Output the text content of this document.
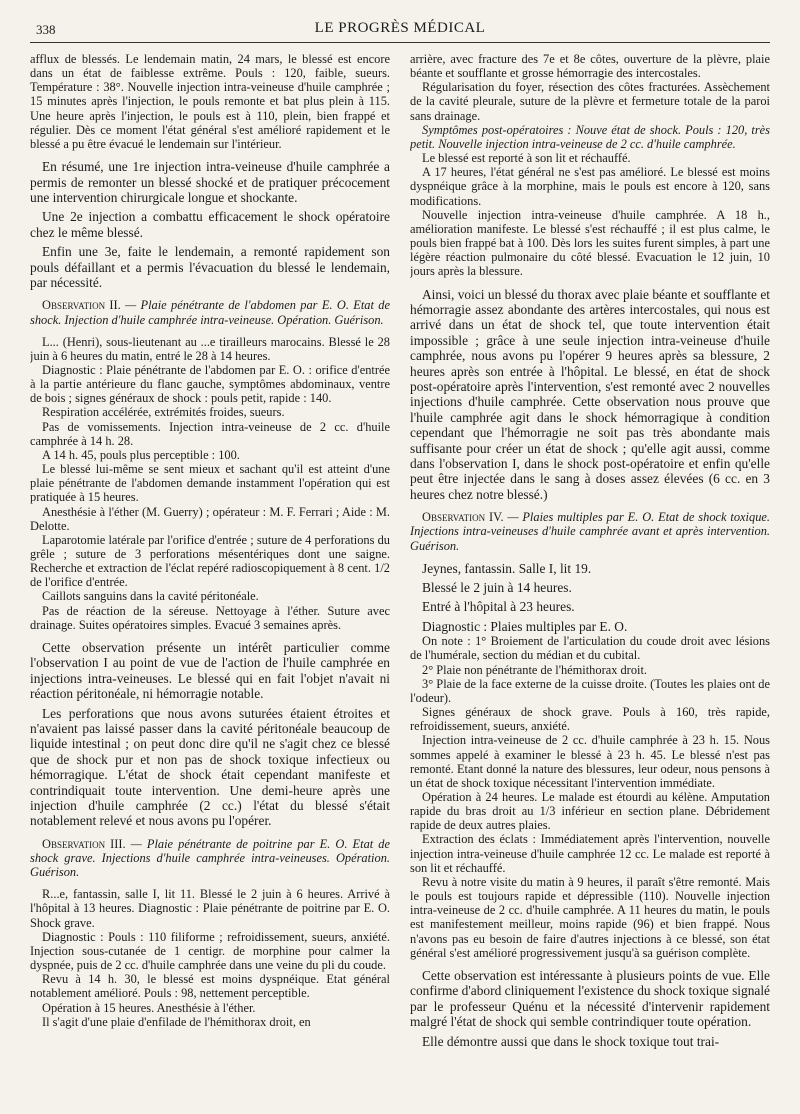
338	LE PROGRÈS MÉDICAL

afflux de blessés. Le lendemain matin, 24 mars, le blessé est encore dans un état de faiblesse extrême. Pouls : 120, faible, sueurs. Température : 38°. Nouvelle injection intra-veineuse d'huile camphrée ; 15 minutes après l'injection, le pouls remonte et bat plus plein à 115. Une heure après l'injection, le pouls est à 110, plein, bien frappé et régulier. Dès ce moment l'état général s'est amélioré rapidement et le blessé a pu être évacué le lendemain sur l'intérieur.

En résumé, une 1re injection intra-veineuse d'huile camphrée a permis de remonter un blessé shocké et de pratiquer précocement une intervention chirurgicale longue et shockante.

Une 2e injection a combattu efficacement le shock opératoire chez le même blessé.

Enfin une 3e, faite le lendemain, a remonté rapidement son pouls défaillant et a permis l'évacuation du blessé le lendemain, par nécessité.

Observation II. — Plaie pénétrante de l'abdomen par E. O. Etat de shock. Injection d'huile camphrée intra-veineuse. Opération. Guérison.

L... (Henri), sous-lieutenant au ...e tirailleurs marocains. Blessé le 28 juin à 6 heures du matin, entré le 28 à 14 heures.

Diagnostic : Plaie pénétrante de l'abdomen par E. O. : orifice d'entrée à la partie antérieure du flanc gauche, symptômes abdominaux, ventre de bois ; signes généraux de shock : pouls petit, rapide : 140.

Respiration accélérée, extrémités froides, sueurs.

Pas de vomissements. Injection intra-veineuse de 2 cc. d'huile camphrée à 14 h. 28.

A 14 h. 45, pouls plus perceptible : 100.

Le blessé lui-même se sent mieux et sachant qu'il est atteint d'une plaie pénétrante de l'abdomen demande instamment l'opération qui est pratiquée à 15 heures.

Anesthésie à l'éther (M. Guerry) ; opérateur : M. F. Ferrari ; Aide : M. Delotte.

Laparotomie latérale par l'orifice d'entrée ; suture de 4 perforations du grêle ; suture de 3 perforations mésentériques dont une saigne. Recherche et extraction de l'éclat repéré radioscopiquement à 8 cent. 1/2 de l'orifice d'entrée.

Caillots sanguins dans la cavité péritonéale.

Pas de réaction de la séreuse. Nettoyage à l'éther. Suture avec drainage. Suites opératoires simples. Evacué 3 semaines après.

Cette observation présente un intérêt particulier comme l'observation I au point de vue de l'action de l'huile camphrée en injections intra-veineuses. Le blessé qui en fait l'objet n'avait ni réaction péritonéale, ni hémorragie notable.

Les perforations que nous avons suturées étaient étroites et n'avaient pas laissé passer dans la cavité péritonéale beaucoup de liquide intestinal ; on peut donc dire qu'il ne s'agit chez ce blessé que de shock pur et non pas de shock toxique infectieux ou hémorragique. L'état de shock était cependant manifeste et contrindiquait toute intervention. Une demi-heure après une injection d'huile camphrée (2 cc.) l'état du blessé s'était notablement relevé et nous avons pu l'opérer.

Observation III. — Plaie pénétrante de poitrine par E. O. Etat de shock grave. Injections d'huile camphrée intra-veineuses. Opération. Guérison.

R...e, fantassin, salle I, lit 11. Blessé le 2 juin à 6 heures. Arrivé à l'hôpital à 13 heures. Diagnostic : Plaie pénétrante de poitrine par E. O. Shock grave.

Diagnostic : Pouls : 110 filiforme ; refroidissement, sueurs, anxiété. Injection sous-cutanée de 1 centigr. de morphine pour calmer la dyspnée, puis de 2 cc. d'huile camphrée dans une veine du pli du coude.

Revu à 14 h. 30, le blessé est moins dyspnéique. Etat général notablement amélioré. Pouls : 98, nettement perceptible.

Opération à 15 heures. Anesthésie à l'éther.

Il s'agit d'une plaie d'enfilade de l'hémithorax droit, en

arrière, avec fracture des 7e et 8e côtes, ouverture de la plèvre, plaie béante et soufflante et grosse hémorragie des intercostales.

Régularisation du foyer, résection des côtes fracturées. Assèchement de la cavité pleurale, suture de la plèvre et fermeture totale de la paroi sans drainage.

Symptômes post-opératoires : Nouve état de shock. Pouls : 120, très petit. Nouvelle injection intra-veineuse de 2 cc. d'huile camphrée.

Le blessé est reporté à son lit et réchauffé.

A 17 heures, l'état général ne s'est pas amélioré. Le blessé est moins dyspnéique grâce à la morphine, mais le pouls est encore à 120, sans modifications.

Nouvelle injection intra-veineuse d'huile camphrée. A 18 h., amélioration manifeste. Le blessé s'est réchauffé ; il est plus calme, le pouls bien frappé bat à 100. Dès lors les suites furent simples, à part une légère réaction pulmonaire du côté blessé. Evacuation le 12 juin, 10 jours après la blessure.

Ainsi, voici un blessé du thorax avec plaie béante et soufflante et hémorragie assez abondante des artères intercostales, qui nous est arrivé dans un état de shock tel, que toute intervention était impossible ; grâce à une seule injection intra-veineuse d'huile camphrée, nous avons pu l'opérer 9 heures après sa blessure, 2 heures après son entrée à l'hôpital. Le blessé, en état de shock post-opératoire après l'intervention, s'est remonté avec 2 nouvelles injections d'huile camphrée. Cette observation nous prouve que l'huile camphrée agit dans le shock hémorragique à condition cependant que l'hémorragie ne soit pas très abondante mais suffisante pour créer un état de shock ; qu'elle agit aussi, comme dans l'observation I, dans le shock post-opératoire et enfin qu'elle peut être injectée dans le sang à doses assez élevées (6 cc. en 3 heures chez notre blessé.)

Observation IV. — Plaies multiples par E. O. Etat de shock toxique. Injections intra-veineuses d'huile camphrée avant et après intervention. Guérison.

Jeynes, fantassin. Salle I, lit 19.

Blessé le 2 juin à 14 heures.

Entré à l'hôpital à 23 heures.

Diagnostic : Plaies multiples par E. O.

On note : 1° Broiement de l'articulation du coude droit avec lésions de l'humérale, section du médian et du cubital.

2° Plaie non pénétrante de l'hémithorax droit.

3° Plaie de la face externe de la cuisse droite. (Toutes les plaies ont de l'odeur).

Signes généraux de shock grave. Pouls à 160, très rapide, refroidissement, sueurs, anxiété.

Injection intra-veineuse de 2 cc. d'huile camphrée à 23 h. 15. Nous sommes appelé à examiner le blessé à 23 h. 45. Le blessé n'est pas remonté. Etant donné la nature des blessures, leur odeur, nous pensons à un état de shock toxique nécessitant l'intervention immédiate.

Opération à 24 heures. Le malade est étourdi au kélène. Amputation rapide du bras droit au 1/3 inférieur en section plane. Débridement rapide de deux autres plaies.

Extraction des éclats : Immédiatement après l'intervention, nouvelle injection intra-veineuse d'huile camphrée 12 cc. Le malade est reporté à son lit et réchauffé.

Revu à notre visite du matin à 9 heures, il paraît s'être remonté. Mais le pouls est toujours rapide et dépressible (110). Nouvelle injection intra-veineuse de 2 cc. d'huile camphrée. A 11 heures du matin, le pouls est manifestement meilleur, moins rapide (96) et bien frappé. Nous n'avons pas eu besoin de faire d'autres injections à ce blessé, son état général s'est amélioré progressivement jusqu'à sa guérison complète.

Cette observation est intéressante à plusieurs points de vue. Elle confirme d'abord cliniquement l'existence du shock toxique signalé par le professeur Quénu et la nécessité d'intervenir rapidement malgré l'état de shock qui semble contrindiquer toute opération.

Elle démontre aussi que dans le shock toxique tout trai-
